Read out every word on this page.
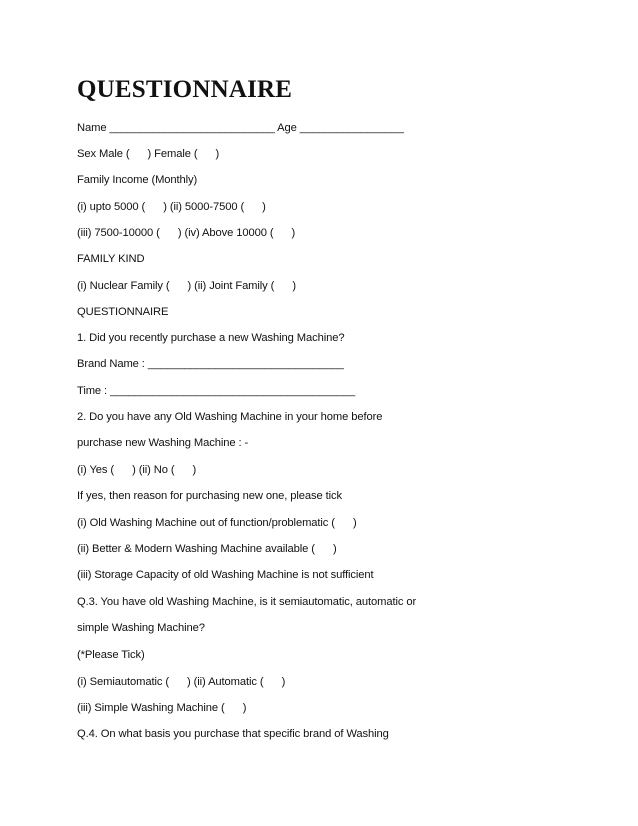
QUESTIONNAIRE
Name ___________________________ Age _________________
Sex Male (      ) Female (      )
Family Income (Monthly)
(i) upto 5000 (      ) (ii) 5000-7500 (      )
(iii) 7500-10000 (      ) (iv) Above 10000 (      )
FAMILY KIND
(i) Nuclear Family (      ) (ii) Joint Family (      )
QUESTIONNAIRE
1. Did you recently purchase a new Washing Machine?
Brand Name : ________________________________
Time : ________________________________________
2. Do you have any Old Washing Machine in your home before
purchase new Washing Machine : -
(i) Yes (      ) (ii) No (      )
If yes, then reason for purchasing new one, please tick
(i) Old Washing Machine out of function/problematic (      )
(ii) Better & Modern Washing Machine available (      )
(iii) Storage Capacity of old Washing Machine is not sufficient
Q.3. You have old Washing Machine, is it semiautomatic, automatic or
simple Washing Machine?
(*Please Tick)
(i) Semiautomatic (      ) (ii) Automatic (      )
(iii) Simple Washing Machine (      )
Q.4. On what basis you purchase that specific brand of Washing
